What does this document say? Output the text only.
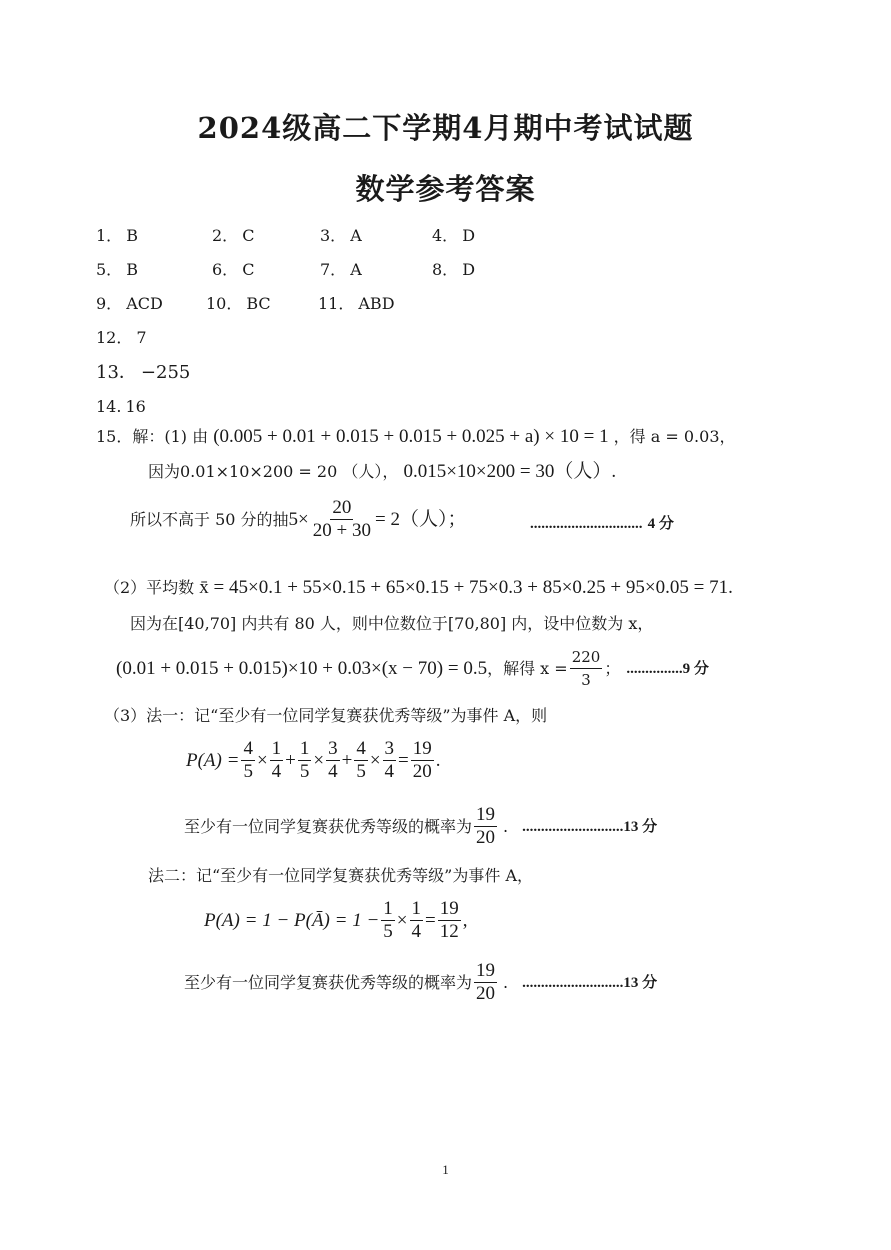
2024级高二下学期4月期中考试试题
数学参考答案
1． B	2． C	3． A	4． D
5． B	6． C	7． A	8． D
9． ACD	10． BC	11． ABD
12． 7
13． −255
14. 16
15．解：(1) 由 (0.005 + 0.01 + 0.015 + 0.015 + 0.025 + a) × 10 = 1 ，得 a = 0.03，
因为0.01×10×200 = 20 （人）， 0.015×10×200 = 30（人）.
所以不高于 50 分的抽 $5\times \frac{20}{20 + 30} = 2$（人）；	.............................. 4 分
（2）平均数 x̄ = 45×0.1 + 55×0.15 + 65×0.15 + 75×0.3 + 85×0.25 + 95×0.05 = 71.
因为在[40,70] 内共有 80 人，则中位数位于[70,80] 内，设中位数为 x，
(0.01 + 0.015 + 0.015)×10 + 0.03×(x − 70) = 0.5 ，解得 $x = \frac{220}{3}$ ； ............... 9 分
（3）法一：记“至少有一位同学复赛获优秀等级”为事件 A，则
$P(A) = \frac{4}{5} \times \frac{1}{4} + \frac{1}{5} \times \frac{3}{4} + \frac{4}{5} \times \frac{3}{4} = \frac{19}{20}$ .
至少有一位同学复赛获优秀等级的概率为 $\frac{19}{20}$ . ........................... 13 分
法二：记“至少有一位同学复赛获优秀等级”为事件 A，
P(A) = 1 − P(Ā) = $1 - \frac{1}{5} \times \frac{1}{4} = \frac{19}{12}$ ,
至少有一位同学复赛获优秀等级的概率为 $\frac{19}{20}$ . ........................... 13 分
1
